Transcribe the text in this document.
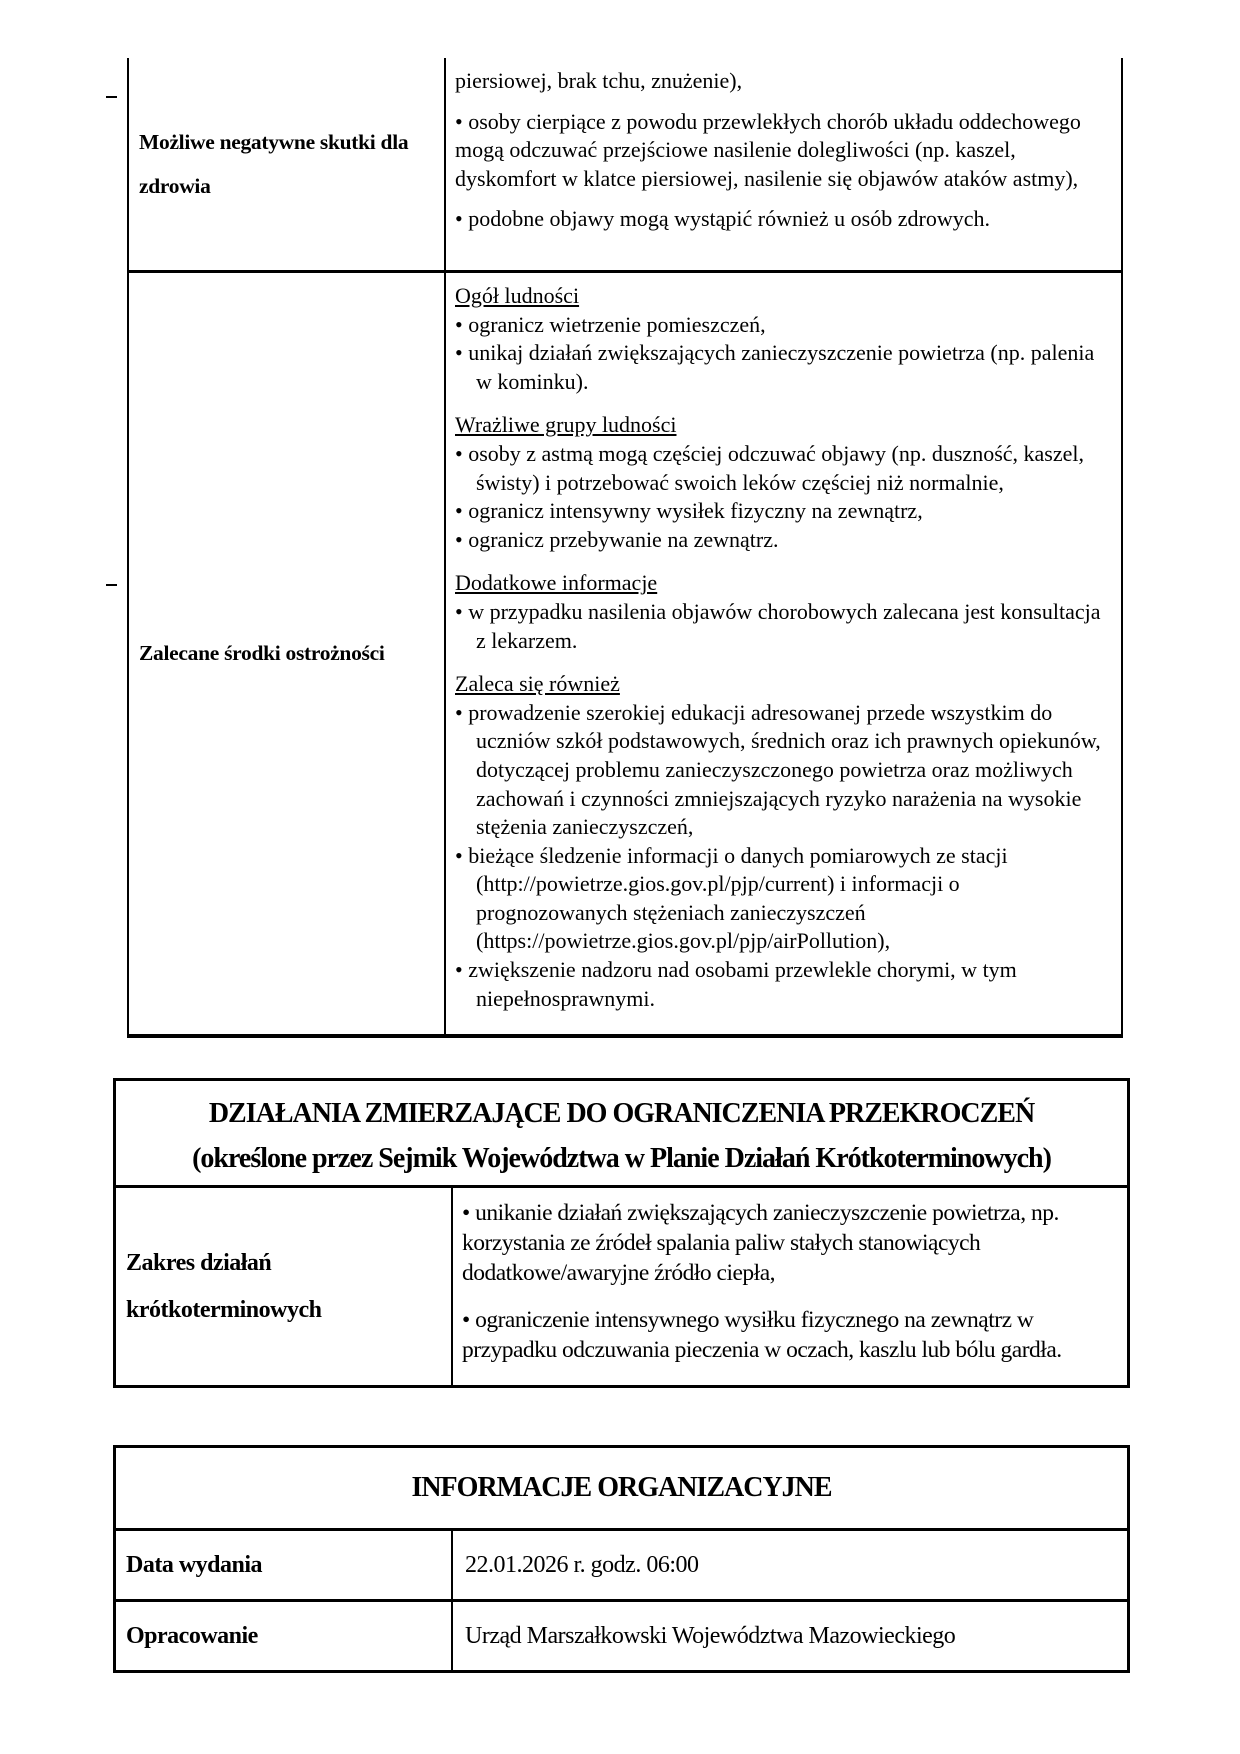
Możliwe negatywne skutki dla zdrowia

piersiowej, brak tchu, znużenie),

• osoby cierpiące z powodu przewlekłych chorób układu oddechowego mogą odczuwać przejściowe nasilenie dolegliwości (np. kaszel, dyskomfort w klatce piersiowej, nasilenie się objawów ataków astmy),

• podobne objawy mogą wystąpić również u osób zdrowych.

Zalecane środki ostrożności
Ogół ludności

• ogranicz wietrzenie pomieszczeń,

• unikaj działań zwiększających zanieczyszczenie powietrza (np. palenia w kominku).

Wrażliwe grupy ludności

• osoby z astmą mogą częściej odczuwać objawy (np. duszność, kaszel, świsty) i potrzebować swoich leków częściej niż normalnie,

• ogranicz intensywny wysiłek fizyczny na zewnątrz,

• ogranicz przebywanie na zewnątrz.

Dodatkowe informacje

• w przypadku nasilenia objawów chorobowych zalecana jest konsultacja z lekarzem.

Zaleca się również

• prowadzenie szerokiej edukacji adresowanej przede wszystkim do uczniów szkół podstawowych, średnich oraz ich prawnych opiekunów, dotyczącej problemu zanieczyszczonego powietrza oraz możliwych zachowań i czynności zmniejszających ryzyko narażenia na wysokie stężenia zanieczyszczeń,

• bieżące śledzenie informacji o danych pomiarowych ze stacji (http://powietrze.gios.gov.pl/pjp/current) i informacji o prognozowanych stężeniach zanieczyszczeń (https://powietrze.gios.gov.pl/pjp/airPollution),

• zwiększenie nadzoru nad osobami przewlekle chorymi, w tym niepełnosprawnymi.

DZIAŁANIA ZMIERZAJĄCE DO OGRANICZENIA PRZEKROCZEŃ
(określone przez Sejmik Województwa w Planie Działań Krótkoterminowych)
Zakres działań krótkoterminowych

• unikanie działań zwiększających zanieczyszczenie powietrza, np. korzystania ze źródeł spalania paliw stałych stanowiących dodatkowe/awaryjne źródło ciepła,

• ograniczenie intensywnego wysiłku fizycznego na zewnątrz w przypadku odczuwania pieczenia w oczach, kaszlu lub bólu gardła.

INFORMACJE ORGANIZACYJNE
Data wydania	22.01.2026 r. godz. 06:00
Opracowanie	Urząd Marszałkowski Województwa Mazowieckiego
